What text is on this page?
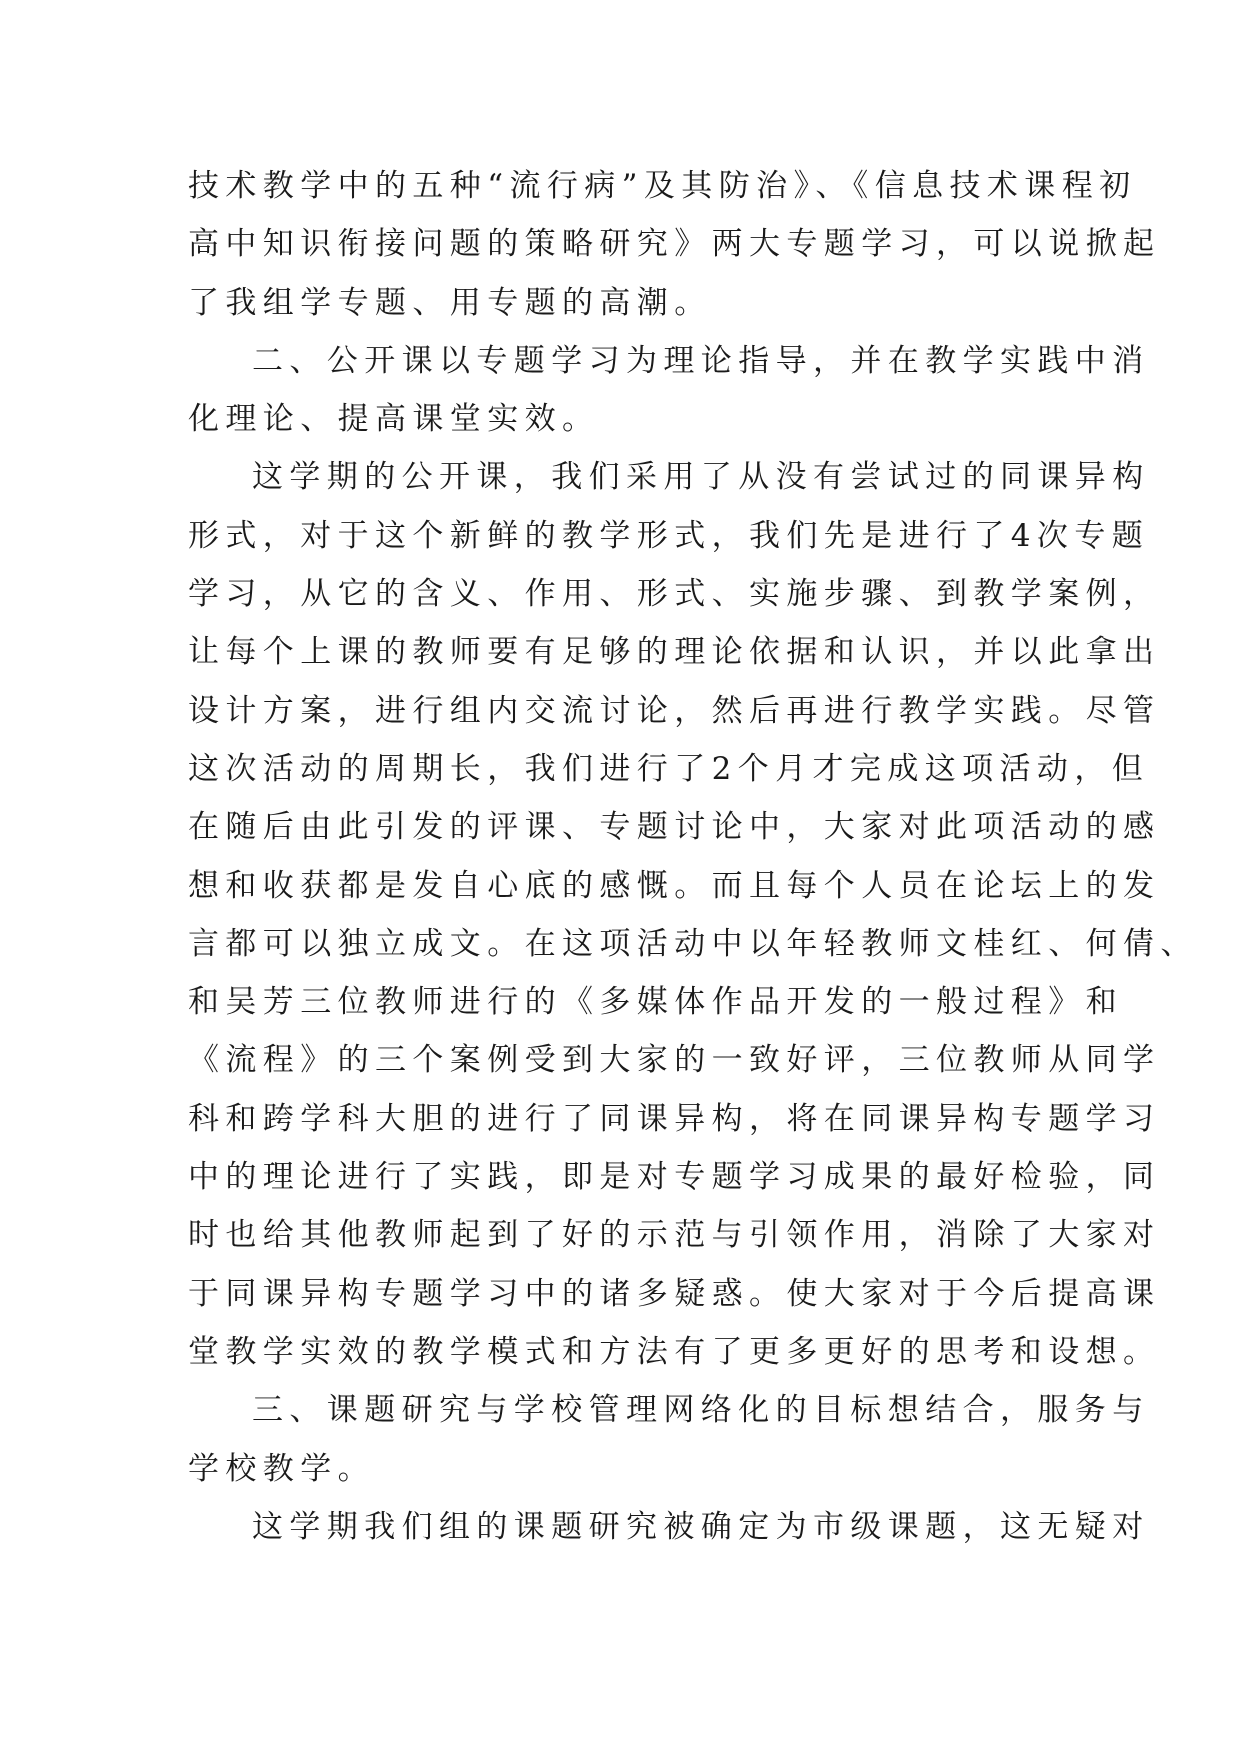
技术教学中的五种“流行病”及其防治》、《信息技术课程初
高中知识衔接问题的策略研究》两大专题学习，可以说掀起
了我组学专题、用专题的高潮。
二、公开课以专题学习为理论指导，并在教学实践中消
化理论、提高课堂实效。
这学期的公开课，我们采用了从没有尝试过的同课异构
形式，对于这个新鲜的教学形式，我们先是进行了4次专题
学习，从它的含义、作用、形式、实施步骤、到教学案例，
让每个上课的教师要有足够的理论依据和认识，并以此拿出
设计方案，进行组内交流讨论，然后再进行教学实践。尽管
这次活动的周期长，我们进行了2个月才完成这项活动，但
在随后由此引发的评课、专题讨论中，大家对此项活动的感
想和收获都是发自心底的感慨。而且每个人员在论坛上的发
言都可以独立成文。在这项活动中以年轻教师文桂红、何倩、
和吴芳三位教师进行的《多媒体作品开发的一般过程》和
《流程》的三个案例受到大家的一致好评，三位教师从同学
科和跨学科大胆的进行了同课异构，将在同课异构专题学习
中的理论进行了实践，即是对专题学习成果的最好检验，同
时也给其他教师起到了好的示范与引领作用，消除了大家对
于同课异构专题学习中的诸多疑惑。使大家对于今后提高课
堂教学实效的教学模式和方法有了更多更好的思考和设想。
三、课题研究与学校管理网络化的目标想结合，服务与
学校教学。
这学期我们组的课题研究被确定为市级课题，这无疑对
